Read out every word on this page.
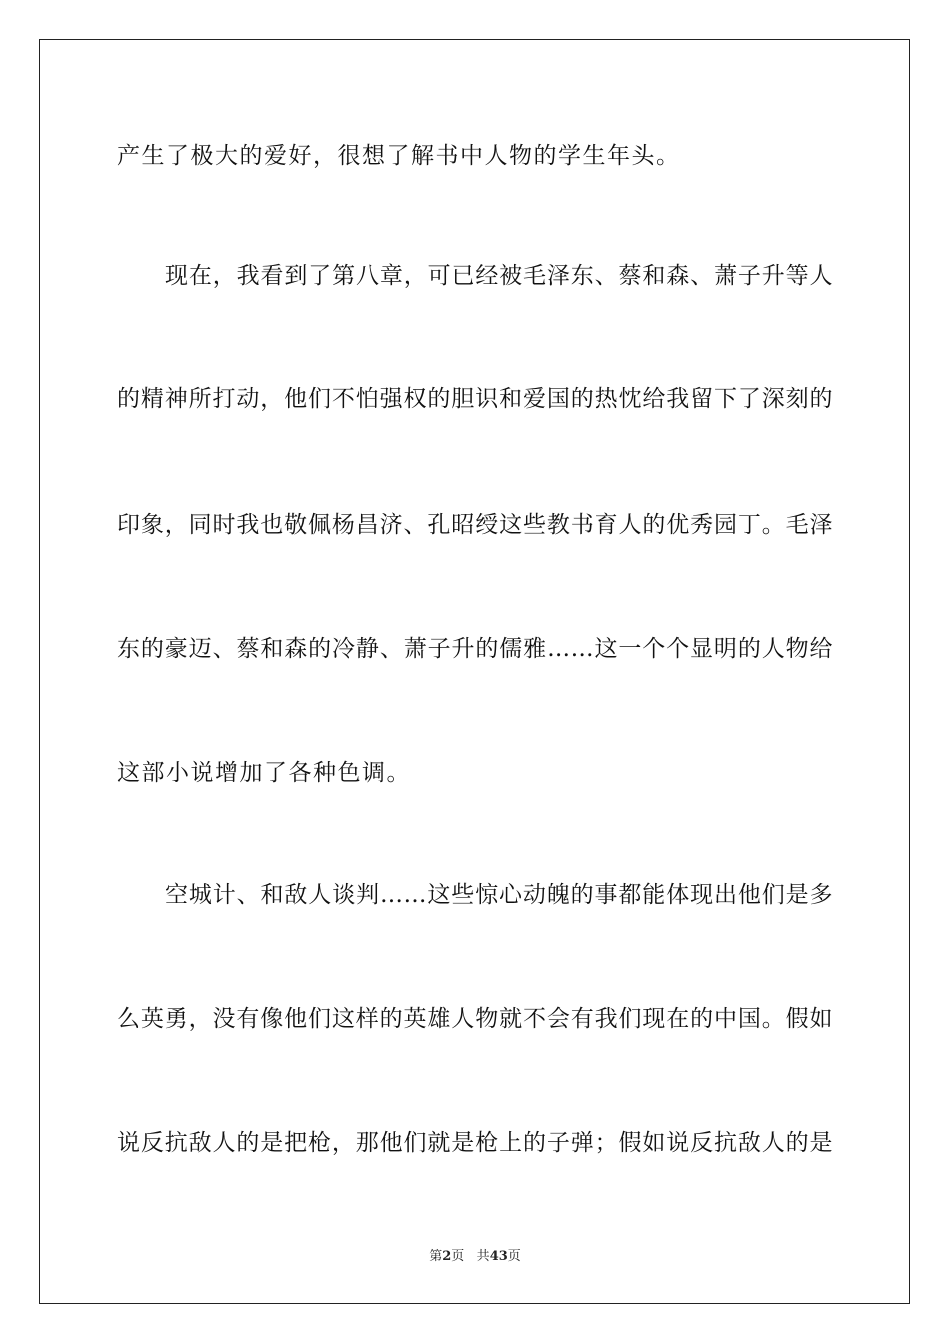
产生了极大的爱好，很想了解书中人物的学生年头。
现在，我看到了第八章，可已经被毛泽东、蔡和森、萧子升等人
的精神所打动，他们不怕强权的胆识和爱国的热忱给我留下了深刻的
印象，同时我也敬佩杨昌济、孔昭绶这些教书育人的优秀园丁。毛泽
东的豪迈、蔡和森的冷静、萧子升的儒雅……这一个个显明的人物给
这部小说增加了各种色调。
空城计、和敌人谈判……这些惊心动魄的事都能体现出他们是多
么英勇，没有像他们这样的英雄人物就不会有我们现在的中国。假如
说反抗敌人的是把枪，那他们就是枪上的子弹；假如说反抗敌人的是
第2页 共43页
